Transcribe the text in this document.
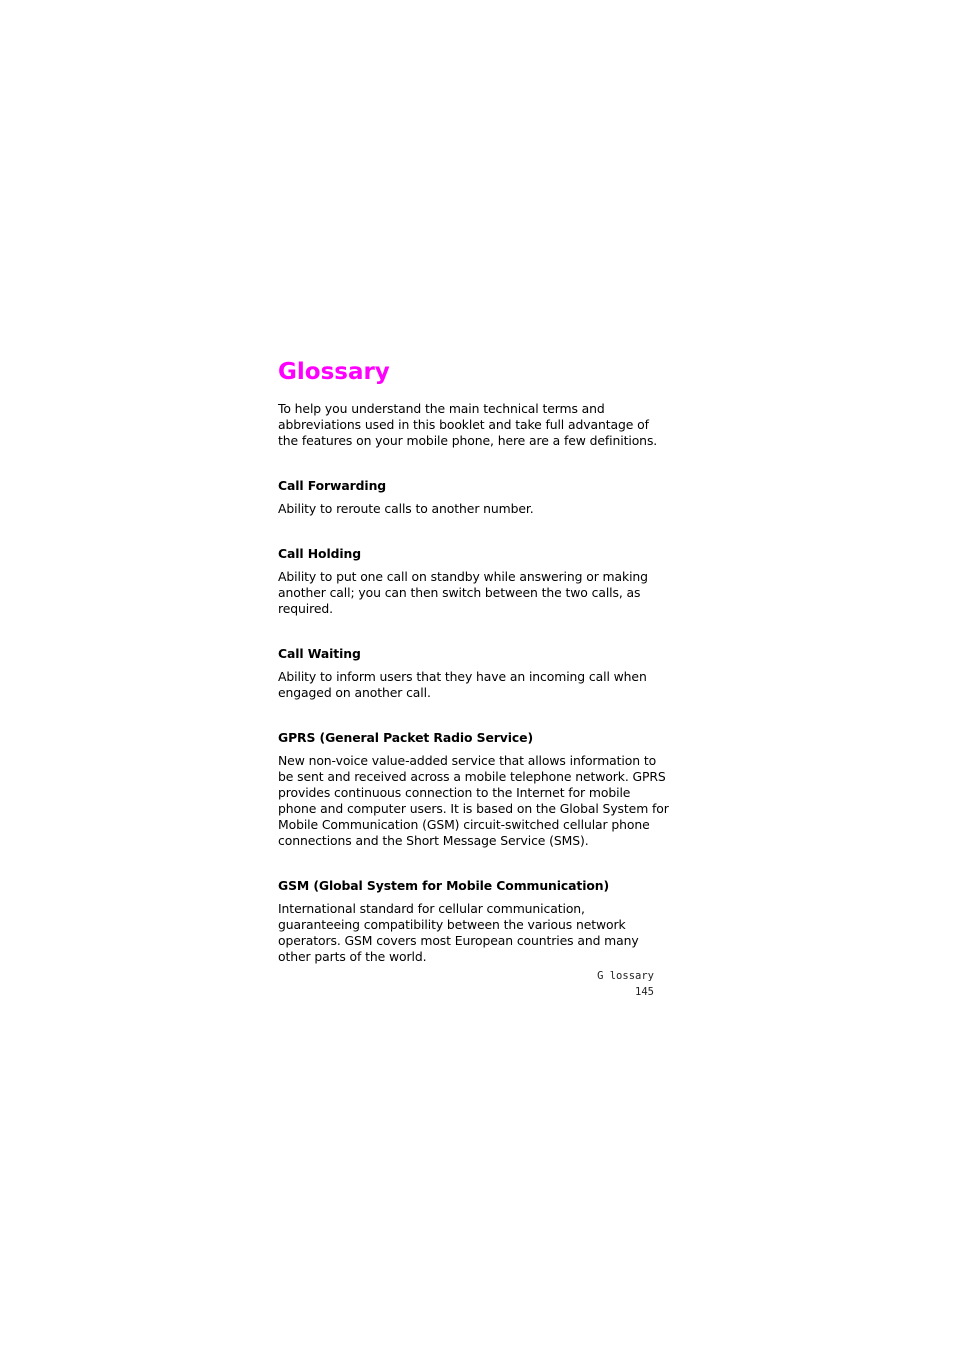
Glossary

To help you understand the main technical terms and abbreviations used in this booklet and take full advantage of the features on your mobile phone, here are a few definitions.

Call Forwarding

Ability to reroute calls to another number.

Call Holding

Ability to put one call on standby while answering or making another call; you can then switch between the two calls, as required.

Call Waiting

Ability to inform users that they have an incoming call when engaged on another call.

GPRS (General Packet Radio Service)

New non-voice value-added service that allows information to be sent and received across a mobile telephone network. GPRS provides continuous connection to the Internet for mobile phone and computer users. It is based on the Global System for Mobile Communication (GSM) circuit-switched cellular phone connections and the Short Message Service (SMS).

GSM (Global System for Mobile Communication)

International standard for cellular communication, guaranteeing compatibility between the various network operators. GSM covers most European countries and many other parts of the world.

G lossary
145
